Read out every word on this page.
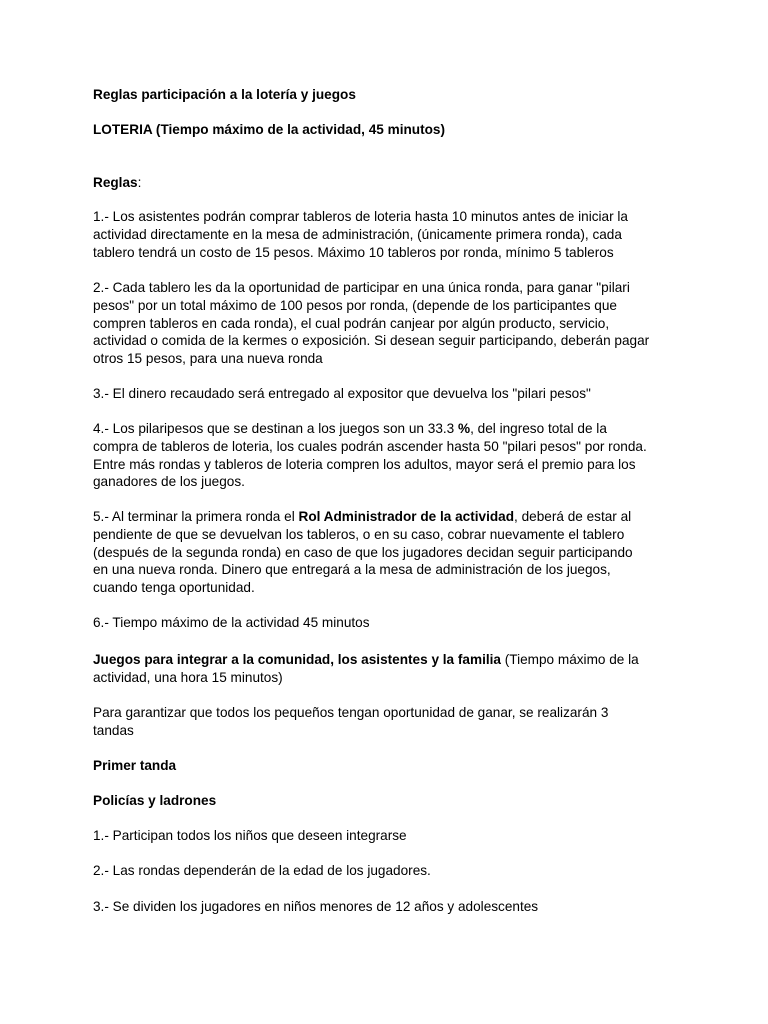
Reglas participación a la lotería y juegos

LOTERIA (Tiempo máximo de la actividad, 45 minutos)

Reglas:

1.- Los asistentes podrán comprar tableros de loteria hasta 10 minutos antes de iniciar la
actividad directamente en la mesa de administración, (únicamente primera ronda), cada
tablero tendrá un costo de 15 pesos. Máximo 10 tableros por ronda, mínimo 5 tableros

2.- Cada tablero les da la oportunidad de participar en una única ronda, para ganar "pilari
pesos" por un total máximo de 100 pesos por ronda, (depende de los participantes que
compren tableros en cada ronda), el cual podrán canjear por algún producto, servicio,
actividad o comida de la kermes o exposición. Si desean seguir participando, deberán pagar
otros 15 pesos, para una nueva ronda

3.- El dinero recaudado será entregado al expositor que devuelva los "pilari pesos"

4.- Los pilaripesos que se destinan a los juegos son un 33.3 %, del ingreso total de la
compra de tableros de loteria, los cuales podrán ascender hasta 50 "pilari pesos" por ronda.
Entre más rondas y tableros de loteria compren los adultos, mayor será el premio para los
ganadores de los juegos.

5.- Al terminar la primera ronda el Rol Administrador de la actividad, deberá de estar al
pendiente de que se devuelvan los tableros, o en su caso, cobrar nuevamente el tablero
(después de la segunda ronda) en caso de que los jugadores decidan seguir participando
en una nueva ronda. Dinero que entregará a la mesa de administración de los juegos,
cuando tenga oportunidad.

6.- Tiempo máximo de la actividad 45 minutos

Juegos para integrar a la comunidad, los asistentes y la familia (Tiempo máximo de la
actividad, una hora 15 minutos)

Para garantizar que todos los pequeños tengan oportunidad de ganar, se realizarán 3
tandas

Primer tanda

Policías y ladrones

1.- Participan todos los niños que deseen integrarse

2.- Las rondas dependerán de la edad de los jugadores.

3.- Se dividen los jugadores en niños menores de 12 años y adolescentes
